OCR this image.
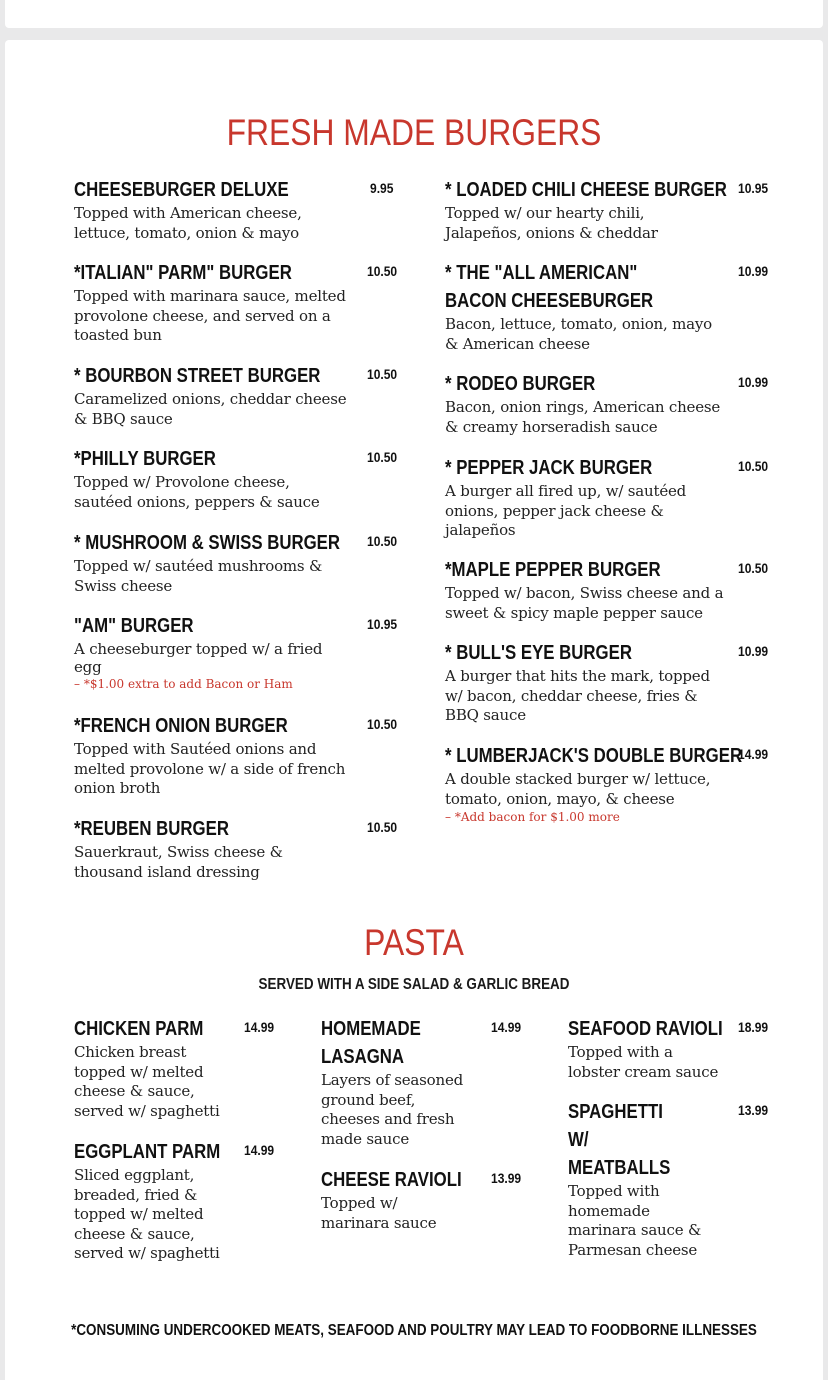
FRESH MADE BURGERS
CHEESEBURGER DELUXE	9.95
Topped with American cheese, lettuce, tomato, onion & mayo
*ITALIAN" PARM" BURGER	10.50
Topped with marinara sauce, melted provolone cheese, and served on a toasted bun
* BOURBON STREET BURGER	10.50
Caramelized onions, cheddar cheese & BBQ sauce
*PHILLY BURGER	10.50
Topped w/ Provolone cheese, sautéed onions, peppers & sauce
* MUSHROOM & SWISS BURGER	10.50
Topped w/ sautéed mushrooms & Swiss cheese
"AM" BURGER	10.95
A cheeseburger topped w/ a fried egg
– *$1.00 extra to add Bacon or Ham
*FRENCH ONION BURGER	10.50
Topped with Sautéed onions and melted provolone w/ a side of french onion broth
*REUBEN BURGER	10.50
Sauerkraut, Swiss cheese & thousand island dressing
* LOADED CHILI CHEESE BURGER 10.95
Topped w/ our hearty chili, Jalapeños, onions & cheddar
* THE "ALL AMERICAN" BACON CHEESEBURGER
10.99
Bacon, lettuce, tomato, onion, mayo & American cheese
* RODEO BURGER	10.99
Bacon, onion rings, American cheese & creamy horseradish sauce
* PEPPER JACK BURGER	10.50
A burger all fired up, w/ sautéed onions, pepper jack cheese & jalapeños
*MAPLE PEPPER BURGER	10.50
Topped w/ bacon, Swiss cheese and a sweet & spicy maple pepper sauce
* BULL'S EYE BURGER	10.99
A burger that hits the mark, topped w/ bacon, cheddar cheese, fries & BBQ sauce
* LUMBERJACK'S DOUBLE BURGER
14.99
A double stacked burger w/ lettuce, tomato, onion, mayo, & cheese
– *Add bacon for $1.00 more
PASTA
SERVED WITH A SIDE SALAD & GARLIC BREAD
CHICKEN PARM	14.99
Chicken breast topped w/ melted cheese & sauce, served w/ spaghetti
EGGPLANT PARM	14.99
Sliced eggplant, breaded, fried & topped w/ melted cheese & sauce, served w/ spaghetti
HOMEMADE LASAGNA
14.99
Layers of seasoned ground beef, cheeses and fresh made sauce
CHEESE RAVIOLI	13.99
Topped w/ marinara sauce
SEAFOOD RAVIOLI	18.99
Topped with a lobster cream sauce
SPAGHETTI W/ MEATBALLS
13.99
Topped with homemade marinara sauce & Parmesan cheese
*CONSUMING UNDERCOOKED MEATS, SEAFOOD AND POULTRY MAY LEAD TO FOODBORNE ILLNESSES
